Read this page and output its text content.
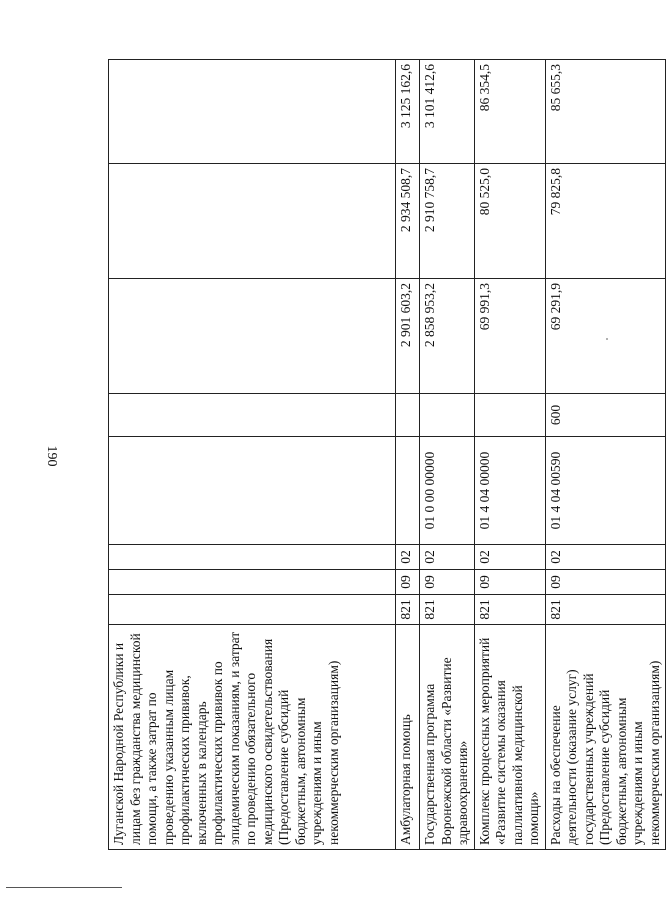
190
Луганской Народной Республики и лицам без гражданства медицинской помощи, а также затрат по проведению указанным лицам профилактических прививок, включенных в календарь профилактических прививок по эпидемическим показаниям, и затрат по проведению обязательного медицинского освидетельствования (Предоставление субсидий бюджетным, автономным учреждениям и иным некоммерческим организациям)								
Амбулаторная помощь	821	09	02			2 901 603,2	2 934 508,7	3 125 162,6
Государственная программа Воронежской области «Развитие здравоохранения»	821	09	02	01 0 00 00000		2 858 953,2	2 910 758,7	3 101 412,6
Комплекс процессных мероприятий «Развитие системы оказания паллиативной медицинской помощи»	821	09	02	01 4 04 00000		69 991,3	80 525,0	86 354,5
Расходы на обеспечение деятельности (оказание услуг) государственных учреждений (Предоставление субсидий бюджетным, автономным учреждениям и иным некоммерческим организациям)	821	09	02	01 4 04 00590	600	69 291,9	79 825,8	85 655,3
